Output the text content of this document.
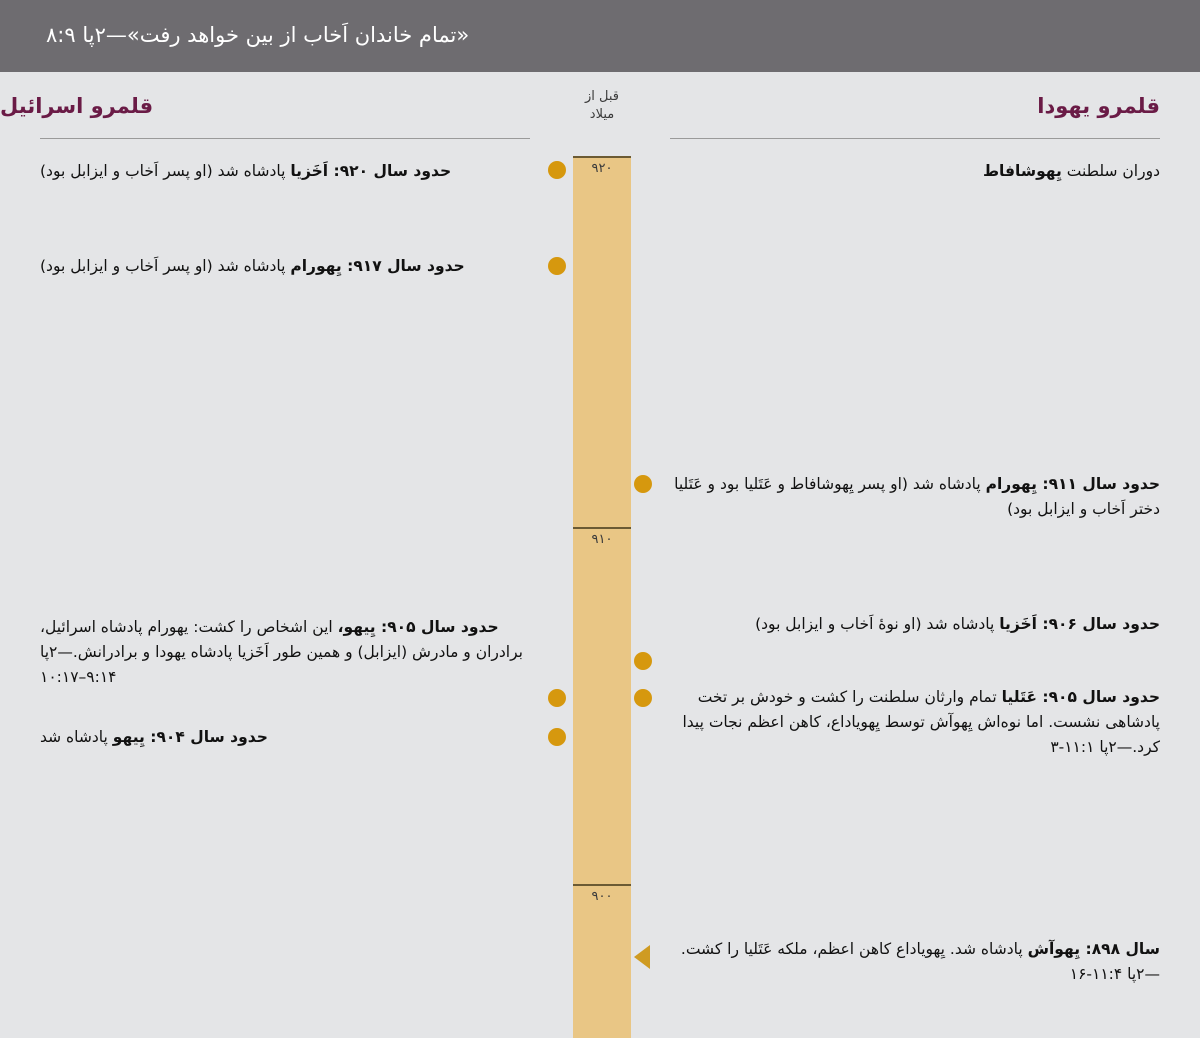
«تمام خاندان اَخاب از بین خواهد رفت»—۲پا ۸:۹
قلمرو یهودا
قلمرو اسرائیل	قبل از
میلاد
۹۲۰
۹۱۰
۹۰۰
حدود سال ۹۲۰: اَخَزیا پادشاه شد (او پسر اَخاب و ایزابل بود)
حدود سال ۹۱۷: یِهورام پادشاه شد (او پسر اَخاب و ایزابل بود)
حدود سال ۹۰۵: یِیهو، این اشخاص را کشت: یهورام پادشاه اسرائیل، برادران و مادرش (ایزابل) و همین طور اَخَزیا پادشاه یهودا و برادرانش.—۲پا ۹:۱۴–۱۰:۱۷
حدود سال ۹۰۴: یِیهو پادشاه شد
دوران سلطنت یِهوشافاط
حدود سال ۹۱۱: یِهورام پادشاه شد (او پسر یِهوشافاط و عَتَلیا بود و عَتَلیا دختر اَخاب و ایزابل بود)
حدود سال ۹۰۶: اَخَزیا پادشاه شد (او نوهٔ اَخاب و ایزابل بود)
حدود سال ۹۰۵: عَتَلیا تمام وارثان سلطنت را کشت و خودش بر تخت پادشاهی نشست. اما نوه‌اش یِهوآش توسط یِهویاداع، کاهن اعظم نجات پیدا کرد.—۲پا ۱۱:۱-۳
سال ۸۹۸: یِهوآش پادشاه شد. یِهویاداع کاهن اعظم، ملکه عَتَلیا را کشت.—۲پا ۱۱:۴-۱۶
